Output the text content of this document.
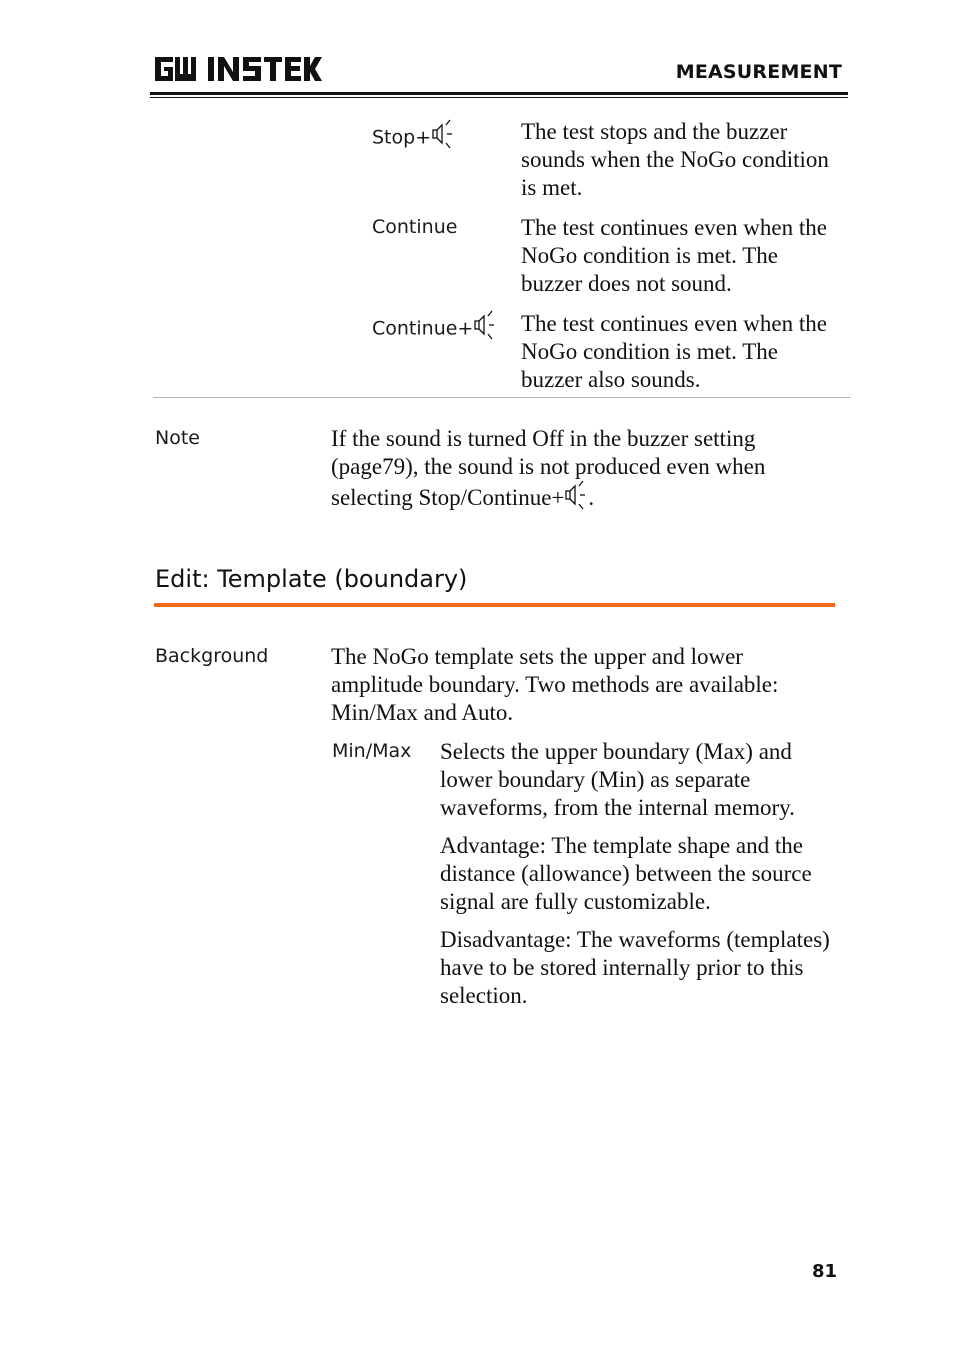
MEASUREMENT
Stop+	The test stops and the buzzer sounds when the NoGo condition is met.
Continue	The test continues even when the NoGo condition is met. The buzzer does not sound.
Continue+	The test continues even when the NoGo condition is met. The buzzer also sounds.
Note	If the sound is turned Off in the buzzer setting
(page79), the sound is not produced even when
selecting Stop/Continue+ .
Edit: Template (boundary)
Background	The NoGo template sets the upper and lower amplitude boundary. Two methods are available: Min/Max and Auto.
Min/Max Selects the upper boundary (Max) and lower boundary (Min) as separate waveforms, from the internal memory.
Advantage: The template shape and the distance (allowance) between the source signal are fully customizable.
Disadvantage: The waveforms (templates) have to be stored internally prior to this selection.
81
